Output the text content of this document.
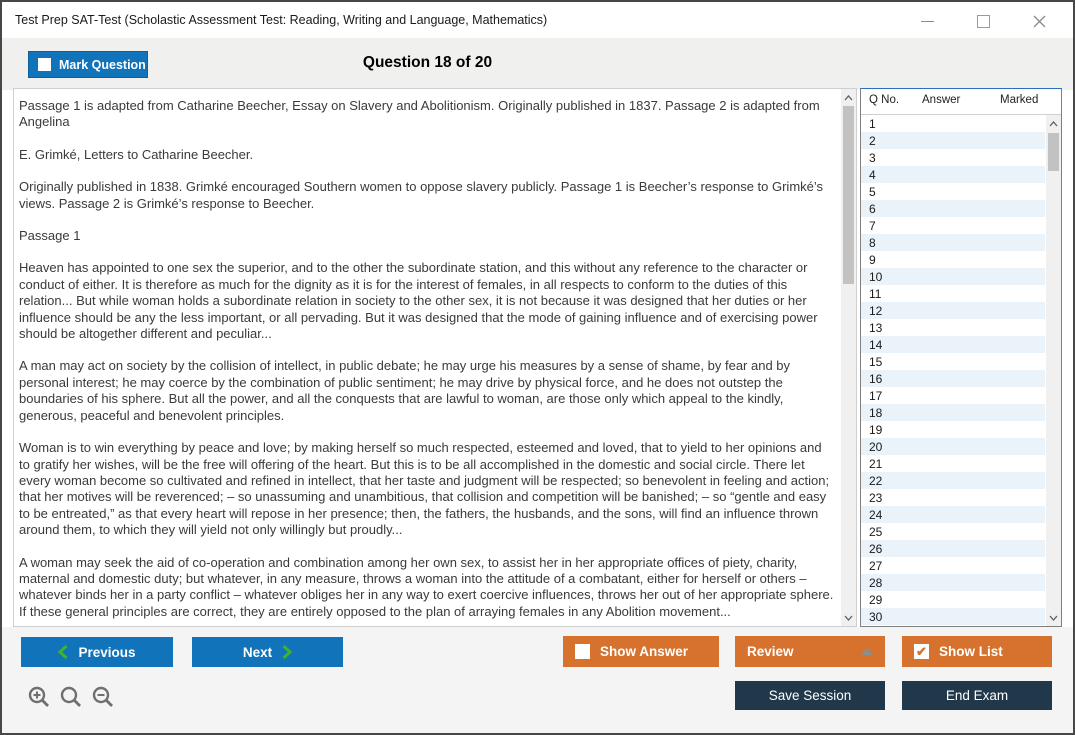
Test Prep SAT-Test (Scholastic Assessment Test: Reading, Writing and Language, Mathematics)
Mark Question	Question 18 of 20

Passage 1 is adapted from Catharine Beecher, Essay on Slavery and Abolitionism. Originally published in 1837. Passage 2 is adapted from Angelina

E. Grimké, Letters to Catharine Beecher.

Originally published in 1838. Grimké encouraged Southern women to oppose slavery publicly. Passage 1 is Beecher’s response to Grimké’s views. Passage 2 is Grimké’s response to Beecher.

Passage 1

Heaven has appointed to one sex the superior, and to the other the subordinate station, and this without any reference to the character or conduct of either. It is therefore as much for the dignity as it is for the interest of females, in all respects to conform to the duties of this relation... But while woman holds a subordinate relation in society to the other sex, it is not because it was designed that her duties or her influence should be any the less important, or all pervading. But it was designed that the mode of gaining influence and of exercising power should be altogether different and peculiar...

A man may act on society by the collision of intellect, in public debate; he may urge his measures by a sense of shame, by fear and by personal interest; he may coerce by the combination of public sentiment; he may drive by physical force, and he does not outstep the boundaries of his sphere. But all the power, and all the conquests that are lawful to woman, are those only which appeal to the kindly, generous, peaceful and benevolent principles.

Woman is to win everything by peace and love; by making herself so much respected, esteemed and loved, that to yield to her opinions and to gratify her wishes, will be the free will offering of the heart. But this is to be all accomplished in the domestic and social circle. There let every woman become so cultivated and refined in intellect, that her taste and judgment will be respected; so benevolent in feeling and action; that her motives will be reverenced; – so unassuming and unambitious, that collision and competition will be banished; – so “gentle and easy to be entreated,” as that every heart will repose in her presence; then, the fathers, the husbands, and the sons, will find an influence thrown around them, to which they will yield not only willingly but proudly...

A woman may seek the aid of co-operation and combination among her own sex, to assist her in her appropriate offices of piety, charity, maternal and domestic duty; but whatever, in any measure, throws a woman into the attitude of a combatant, either for herself or others – whatever binds her in a party conflict – whatever obliges her in any way to exert coercive influences, throws her out of her appropriate sphere. If these general principles are correct, they are entirely opposed to the plan of arraying females in any Abolition movement...

Q No. Answer	Marked
1
2
3
4
5
6
7
8
9
10
11
12
13
14
15
16
17
18
19
20
21
22
23
24
25
26
27
28
29
30
Previous	Next	Show Answer	Review	✔ Show List
Save Session	End Exam
